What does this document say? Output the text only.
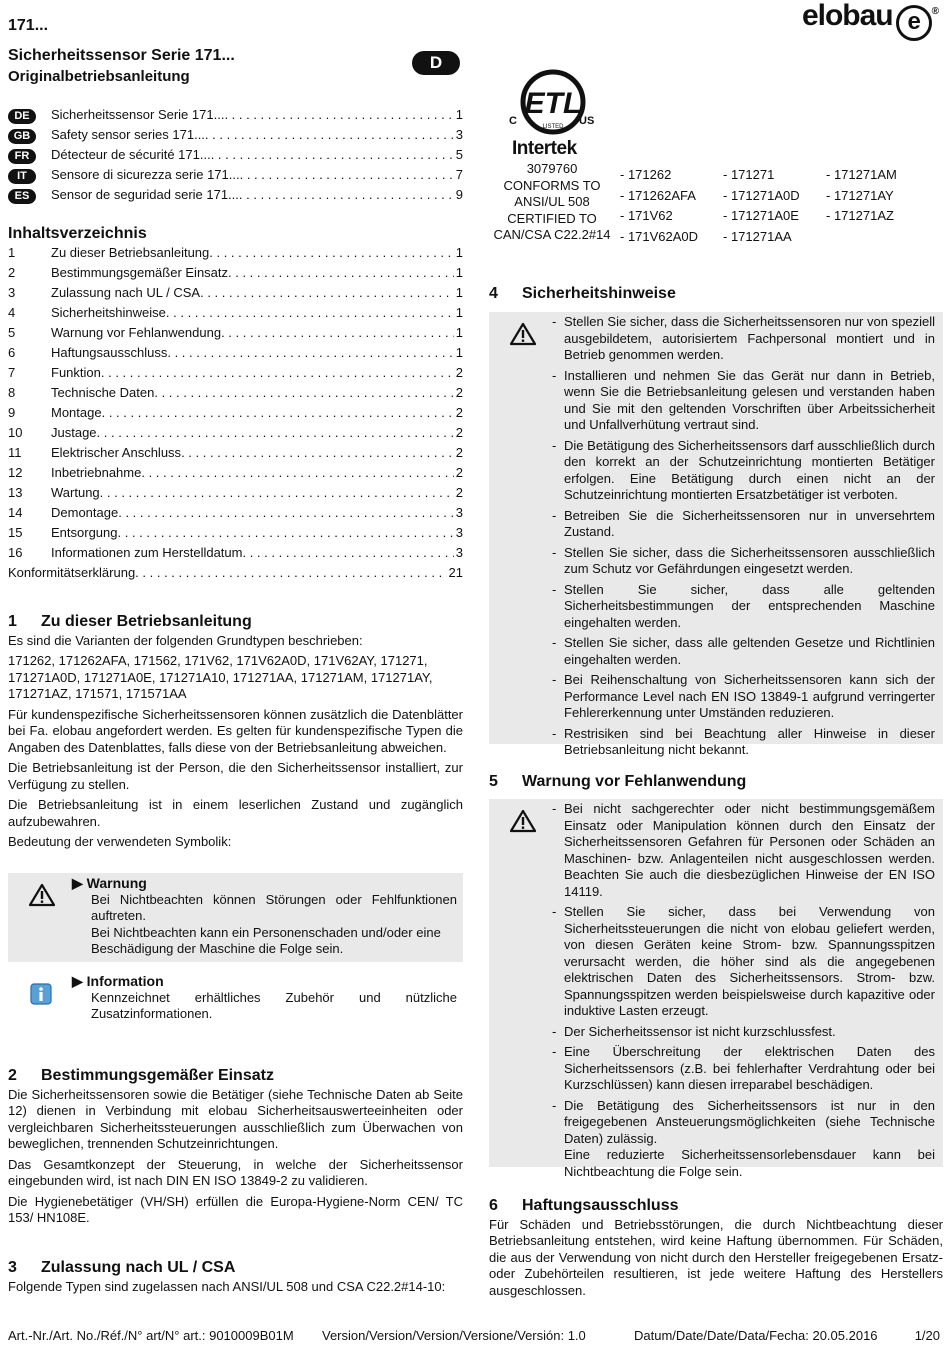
171...	elobau e ®
Sicherheitssensor Serie 171...
Originalbetriebsanleitung
D
DE	Sicherheitssensor Serie 171... . . .	1
GB	Safety sensor series 171... . . .	3
FR	Détecteur de sécurité 171... . . .	5
IT	Sensore di sicurezza serie 171... . . .	7
ES	Sensor de seguridad serie 171... . . .	9
Inhaltsverzeichnis
1	Zu dieser Betriebsanleitung . . .	1
2	Bestimmungsgemäßer Einsatz . . .	1
3	Zulassung nach UL / CSA . . .	1
4	Sicherheitshinweise . . .	1
5	Warnung vor Fehlanwendung . . .	1
6	Haftungsausschluss . . .	1
7	Funktion . . .	2
8	Technische Daten . . .	2
9	Montage . . .	2
10	Justage . . .	2
11	Elektrischer Anschluss . . .	2
12	Inbetriebnahme . . .	2
13	Wartung . . .	2
14	Demontage . . .	3
15	Entsorgung . . .	3
16	Informationen zum Herstelldatum . . .	3
Konformitätserklärung . . .	21
1 Zu dieser Betriebsanleitung

Es sind die Varianten der folgenden Grundtypen beschrieben:

171262, 171262AFA, 171562, 171V62, 171V62A0D, 171V62AY, 171271,
171271A0D, 171271A0E, 171271A10, 171271AA, 171271AM, 171271AY,
171271AZ, 171571, 171571AA

Für kundenspezifische Sicherheitssensoren können zusätzlich die Datenblätter bei Fa. elobau angefordert werden. Es gelten für kundenspezifische Typen die Angaben des Datenblattes, falls diese von der Betriebsanleitung abweichen.

Die Betriebsanleitung ist der Person, die den Sicherheitssensor installiert, zur Verfügung zu stellen.

Die Betriebsanleitung ist in einem leserlichen Zustand und zugänglich aufzubewahren.

Bedeutung der verwendeten Symbolik:

▶ Warnung
Bei Nichtbeachten können Störungen oder Fehlfunktionen auftreten.
Bei Nichtbeachten kann ein Personenschaden und/oder eine Beschädigung der Maschine die Folge sein.
▶ Information
Kennzeichnet erhältliches Zubehör und nützliche Zusatzinformationen.
2 Bestimmungsgemäßer Einsatz

Die Sicherheitssensoren sowie die Betätiger (siehe Technische Daten ab Seite 12) dienen in Verbindung mit elobau Sicherheitsauswerteeinheiten oder vergleichbaren Sicherheitssteuerungen ausschließlich zum Überwachen von beweglichen, trennenden Schutzeinrichtungen.

Das Gesamtkonzept der Steuerung, in welche der Sicherheitssensor eingebunden wird, ist nach DIN EN ISO 13849-2 zu validieren.

Die Hygienebetätiger (VH/SH) erfüllen die Europa-Hygiene-Norm CEN/ TC 153/ HN108E.

3 Zulassung nach UL / CSA

Folgende Typen sind zugelassen nach ANSI/UL 508 und CSA C22.2#14-10:

ETL
LISTED
C	US
Intertek
3079760
CONFORMS TO
ANSI/UL 508
CERTIFIED TO
CAN/CSA C22.2#14
- 171262	- 171271	- 171271AM
- 171262AFA	- 171271A0D	- 171271AY
- 171V62	- 171271A0E	- 171271AZ
- 171V62A0D	- 171271AA	
4 Sicherheitshinweise
- Stellen Sie sicher, dass die Sicherheitssensoren nur von speziell ausgebildetem, autorisiertem Fachpersonal montiert und in Betrieb genommen werden.
- Installieren und nehmen Sie das Gerät nur dann in Betrieb, wenn Sie die Betriebsanleitung gelesen und verstanden haben und Sie mit den geltenden Vorschriften über Arbeitssicherheit und Unfallverhütung vertraut sind.
- Die Betätigung des Sicherheitssensors darf ausschließlich durch den korrekt an der Schutzeinrichtung montierten Betätiger erfolgen. Eine Betätigung durch einen nicht an der Schutzeinrichtung montierten Ersatzbetätiger ist verboten.
- Betreiben Sie die Sicherheitssensoren nur in unversehrtem Zustand.
- Stellen Sie sicher, dass die Sicherheitssensoren ausschließlich zum Schutz vor Gefährdungen eingesetzt werden.
- Stellen Sie sicher, dass alle geltenden Sicherheitsbestimmungen der entsprechenden Maschine eingehalten werden.
- Stellen Sie sicher, dass alle geltenden Gesetze und Richtlinien eingehalten werden.
- Bei Reihenschaltung von Sicherheitssensoren kann sich der Performance Level nach EN ISO 13849-1 aufgrund verringerter Fehlererkennung unter Umständen reduzieren.
- Restrisiken sind bei Beachtung aller Hinweise in dieser Betriebsanleitung nicht bekannt.
5 Warnung vor Fehlanwendung
- Bei nicht sachgerechter oder nicht bestimmungsgemäßem Einsatz oder Manipulation können durch den Einsatz der Sicherheitssensoren Gefahren für Personen oder Schäden an Maschinen- bzw. Anlagenteilen nicht ausgeschlossen werden. Beachten Sie auch die diesbezüglichen Hinweise der EN ISO 14119.
- Stellen Sie sicher, dass bei Verwendung von Sicherheitssteuerungen die nicht von elobau geliefert werden, von diesen Geräten keine Strom- bzw. Spannungsspitzen verursacht werden, die höher sind als die angegebenen elektrischen Daten des Sicherheitssensors. Strom- bzw. Spannungsspitzen werden beispielsweise durch kapazitive oder induktive Lasten erzeugt.
- Der Sicherheitssensor ist nicht kurzschlussfest.
- Eine Überschreitung der elektrischen Daten des Sicherheitssensors (z.B. bei fehlerhafter Verdrahtung oder bei Kurzschlüssen) kann diesen irreparabel beschädigen.
- Die Betätigung des Sicherheitssensors ist nur in den freigegebenen Ansteuerungsmöglichkeiten (siehe Technische Daten) zulässig.
Eine reduzierte Sicherheitssensorlebensdauer kann bei Nichtbeachtung die Folge sein.
6 Haftungsausschluss

Für Schäden und Betriebsstörungen, die durch Nichtbeachtung dieser Betriebsanleitung entstehen, wird keine Haftung übernommen. Für Schäden, die aus der Verwendung von nicht durch den Hersteller freigegebenen Ersatz- oder Zubehörteilen resultieren, ist jede weitere Haftung des Herstellers ausgeschlossen.

Art.-Nr./Art. No./Réf./N° art/N° art.: 9010009B01M Version/Version/Version/Versione/Versión: 1.0	Datum/Date/Date/Data/Fecha: 20.05.2016	1/20
